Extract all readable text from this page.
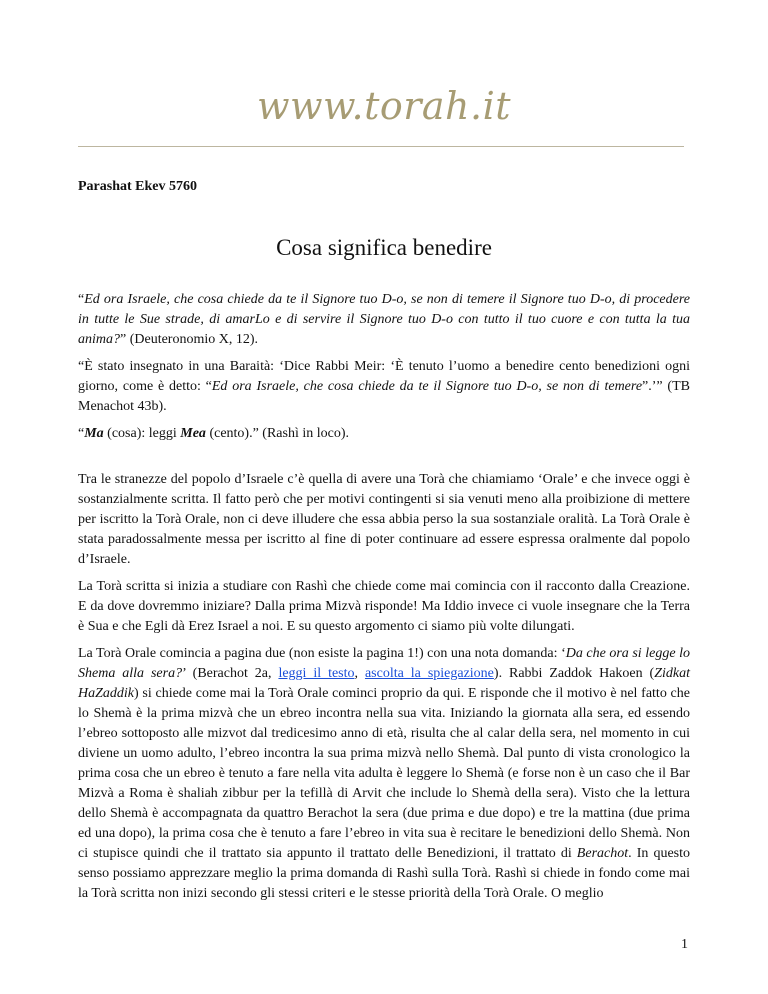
www.torah.it
Parashat Ekev 5760
Cosa significa benedire

“Ed ora Israele, che cosa chiede da te il Signore tuo D-o, se non di temere il Signore tuo D-o, di procedere in tutte le Sue strade, di amarLo e di servire il Signore tuo D-o con tutto il tuo cuore e con tutta la tua anima?” (Deuteronomio X, 12).

“È stato insegnato in una Baraità: ‘Dice Rabbi Meir: ‘È tenuto l’uomo a benedire cento benedizioni ogni giorno, come è detto: “Ed ora Israele, che cosa chiede da te il Signore tuo D-o, se non di temere”.’” (TB Menachot 43b).

“Ma (cosa): leggi Mea (cento).” (Rashì in loco).

Tra le stranezze del popolo d’Israele c’è quella di avere una Torà che chiamiamo ‘Orale’ e che invece oggi è sostanzialmente scritta. Il fatto però che per motivi contingenti si sia venuti meno alla proibizione di mettere per iscritto la Torà Orale, non ci deve illudere che essa abbia perso la sua sostanziale oralità. La Torà Orale è stata paradossalmente messa per iscritto al fine di poter continuare ad essere espressa oralmente dal popolo d’Israele.

La Torà scritta si inizia a studiare con Rashì che chiede come mai comincia con il racconto dalla Creazione. E da dove dovremmo iniziare? Dalla prima Mizvà risponde! Ma Iddio invece ci vuole insegnare che la Terra è Sua e che Egli dà Erez Israel a noi. E su questo argomento ci siamo più volte dilungati.

La Torà Orale comincia a pagina due (non esiste la pagina 1!) con una nota domanda: ‘Da che ora si legge lo Shema alla sera?’ (Berachot 2a, leggi il testo, ascolta la spiegazione). Rabbi Zaddok Hakoen (Zidkat HaZaddik) si chiede come mai la Torà Orale cominci proprio da qui. E risponde che il motivo è nel fatto che lo Shemà è la prima mizvà che un ebreo incontra nella sua vita. Iniziando la giornata alla sera, ed essendo l’ebreo sottoposto alle mizvot dal tredicesimo anno di età, risulta che al calar della sera, nel momento in cui diviene un uomo adulto, l’ebreo incontra la sua prima mizvà nello Shemà. Dal punto di vista cronologico la prima cosa che un ebreo è tenuto a fare nella vita adulta è leggere lo Shemà (e forse non è un caso che il Bar Mizvà a Roma è shaliah zibbur per la tefillà di Arvit che include lo Shemà della sera). Visto che la lettura dello Shemà è accompagnata da quattro Berachot la sera (due prima e due dopo) e tre la mattina (due prima ed una dopo), la prima cosa che è tenuto a fare l’ebreo in vita sua è recitare le benedizioni dello Shemà. Non ci stupisce quindi che il trattato sia appunto il trattato delle Benedizioni, il trattato di Berachot. In questo senso possiamo apprezzare meglio la prima domanda di Rashì sulla Torà. Rashì si chiede in fondo come mai la Torà scritta non inizi secondo gli stessi criteri e le stesse priorità della Torà Orale. O meglio

1
